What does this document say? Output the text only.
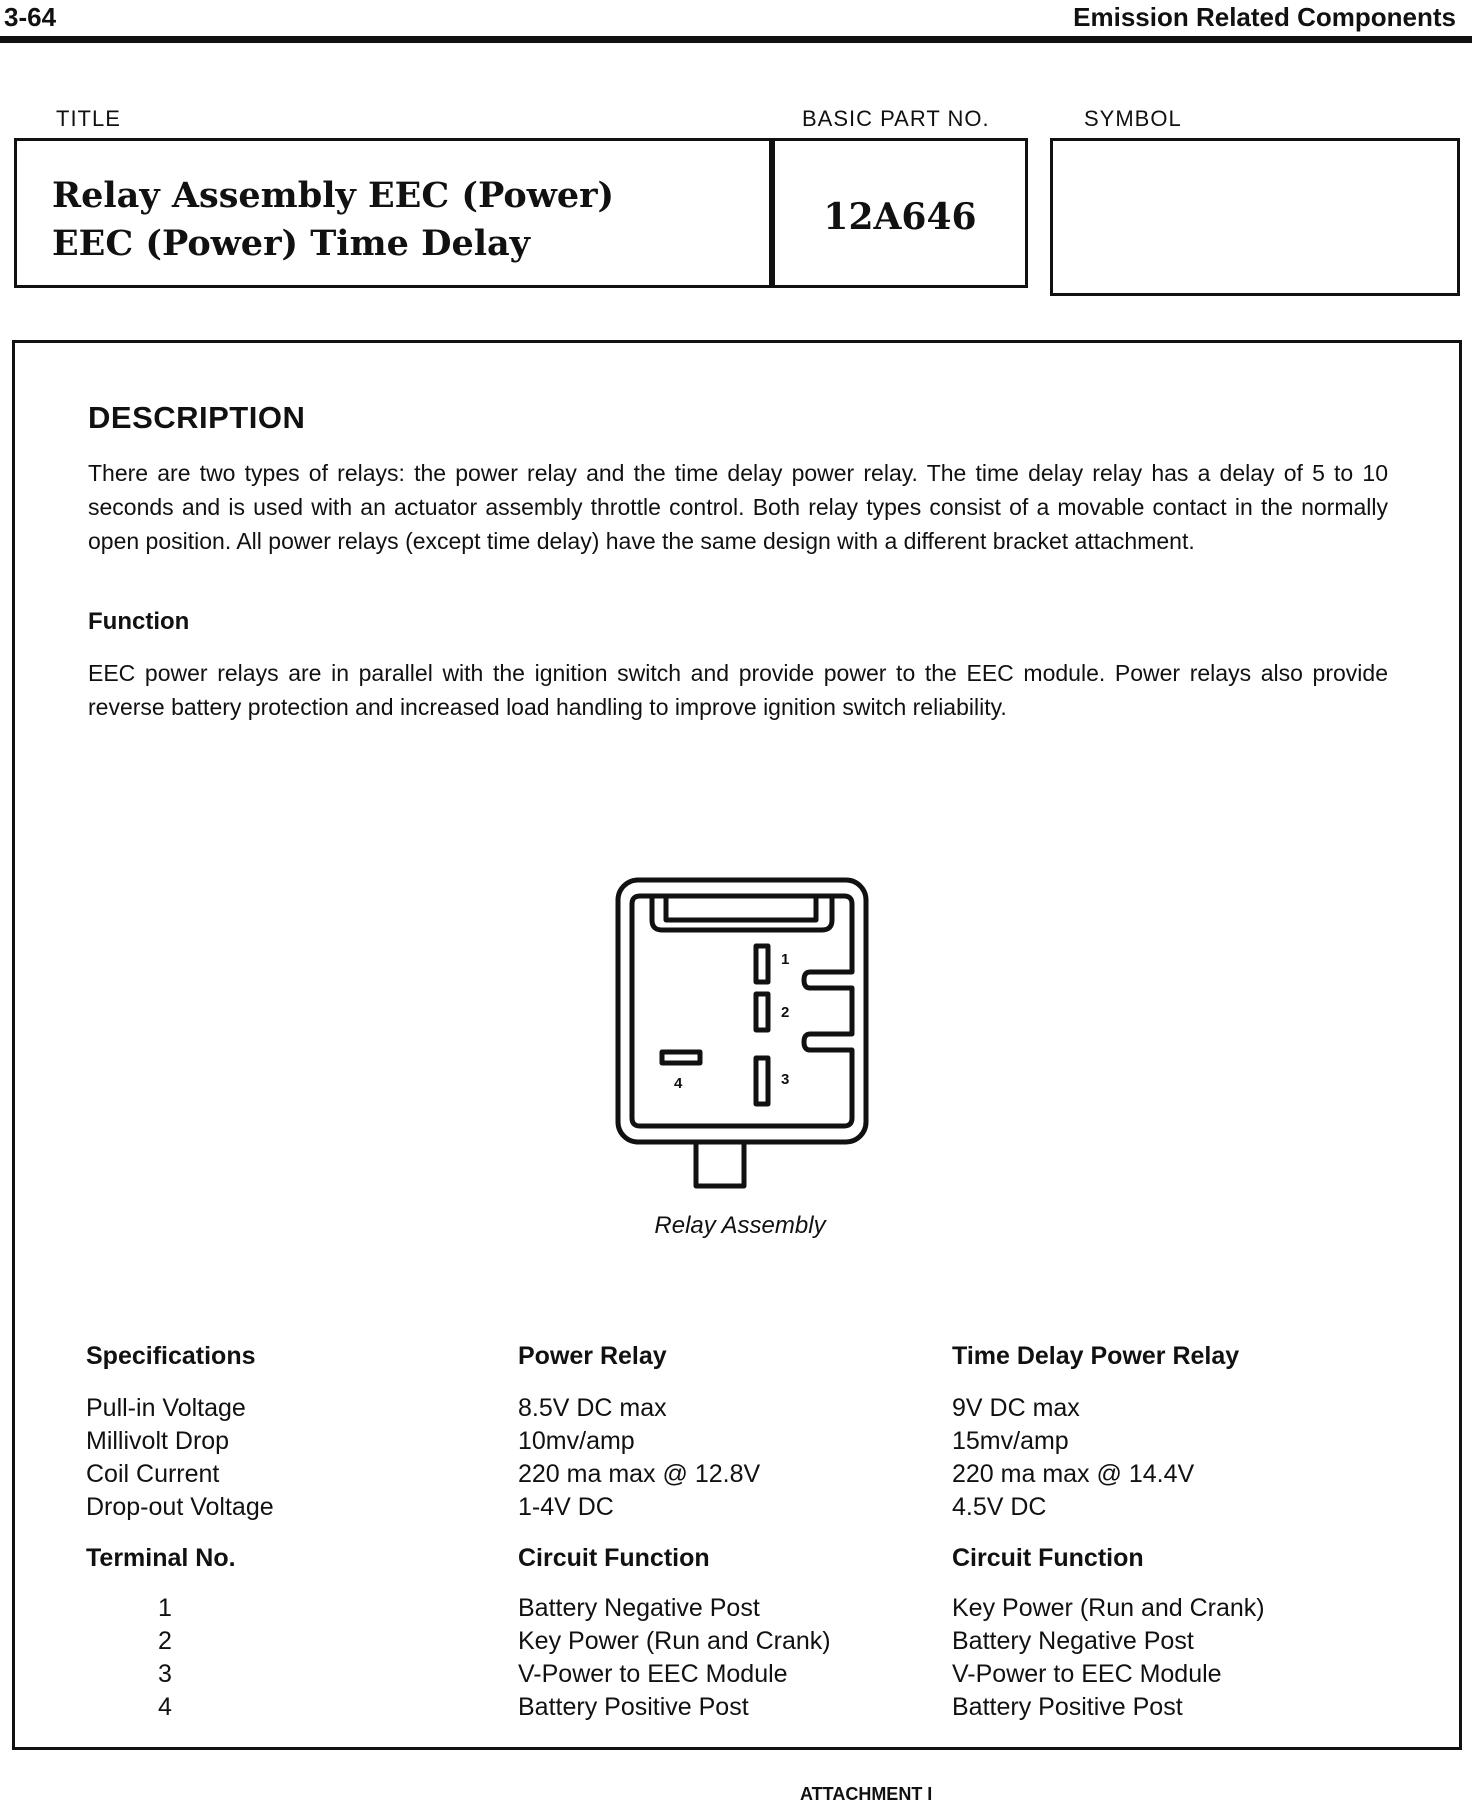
3-64	Emission Related Components
TITLE	BASIC PART NO.	SYMBOL
Relay Assembly EEC (Power)
EEC (Power) Time Delay
12A646
DESCRIPTION
There are two types of relays: the power relay and the time delay power relay. The time delay relay has a delay of 5 to 10 seconds and is used with an actuator assembly throttle control. Both relay types consist of a movable contact in the normally open position. All power relays (except time delay) have the same design with a different bracket attachment.
Function
EEC power relays are in parallel with the ignition switch and provide power to the EEC module. Power relays also provide reverse battery protection and increased load handling to improve ignition switch reliability.
1
2
3
4
Relay Assembly
Specifications	Power Relay	Time Delay Power Relay
Pull-in Voltage	8.5V DC max	9V DC max
Millivolt Drop	10mv/amp	15mv/amp
Coil Current	220 ma max @ 12.8V	220 ma max @ 14.4V
Drop-out Voltage	1-4V DC	4.5V DC
Terminal No.	Circuit Function	Circuit Function
1	Battery Negative Post	Key Power (Run and Crank)
2	Key Power (Run and Crank)	Battery Negative Post
3	V-Power to EEC Module	V-Power to EEC Module
4	Battery Positive Post	Battery Positive Post
ATTACHMENT I
